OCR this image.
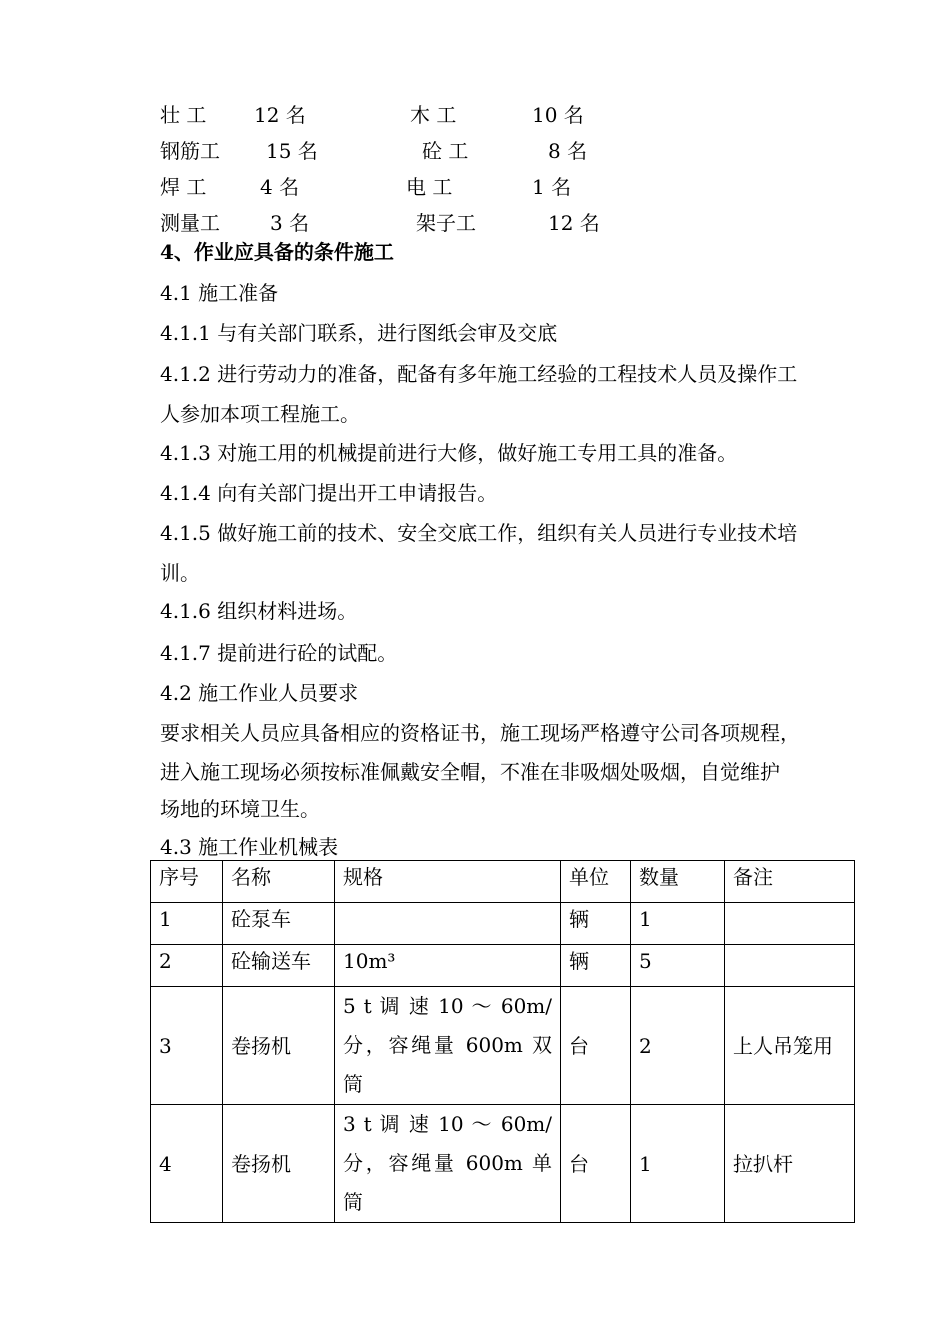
壮 工 12 名	木 工	10 名
钢筋工 15 名	砼 工	8 名
焊 工	4 名	电 工	1 名
测量工	3 名	架子工	12 名
4、作业应具备的条件施工
4.1 施工准备
4.1.1 与有关部门联系，进行图纸会审及交底
4.1.2 进行劳动力的准备，配备有多年施工经验的工程技术人员及操作工
人参加本项工程施工。
4.1.3 对施工用的机械提前进行大修，做好施工专用工具的准备。
4.1.4 向有关部门提出开工申请报告。
4.1.5 做好施工前的技术、安全交底工作，组织有关人员进行专业技术培
训。
4.1.6 组织材料进场。
4.1.7 提前进行砼的试配。
4.2 施工作业人员要求
要求相关人员应具备相应的资格证书，施工现场严格遵守公司各项规程，
进入施工现场必须按标准佩戴安全帽，不准在非吸烟处吸烟，自觉维护
场地的环境卫生。
4.3 施工作业机械表
序号	名称	规格	单位	数量	备注
1	砼泵车		辆	1	
2	砼输送车	10m³	辆	5	
3	卷扬机	5 t 调 速 10 ～ 60m/分，容绳量 600m 双筒	台	2	上人吊笼用
4	卷扬机	3 t 调 速 10 ～ 60m/分，容绳量 600m 单筒	台	1	拉扒杆
